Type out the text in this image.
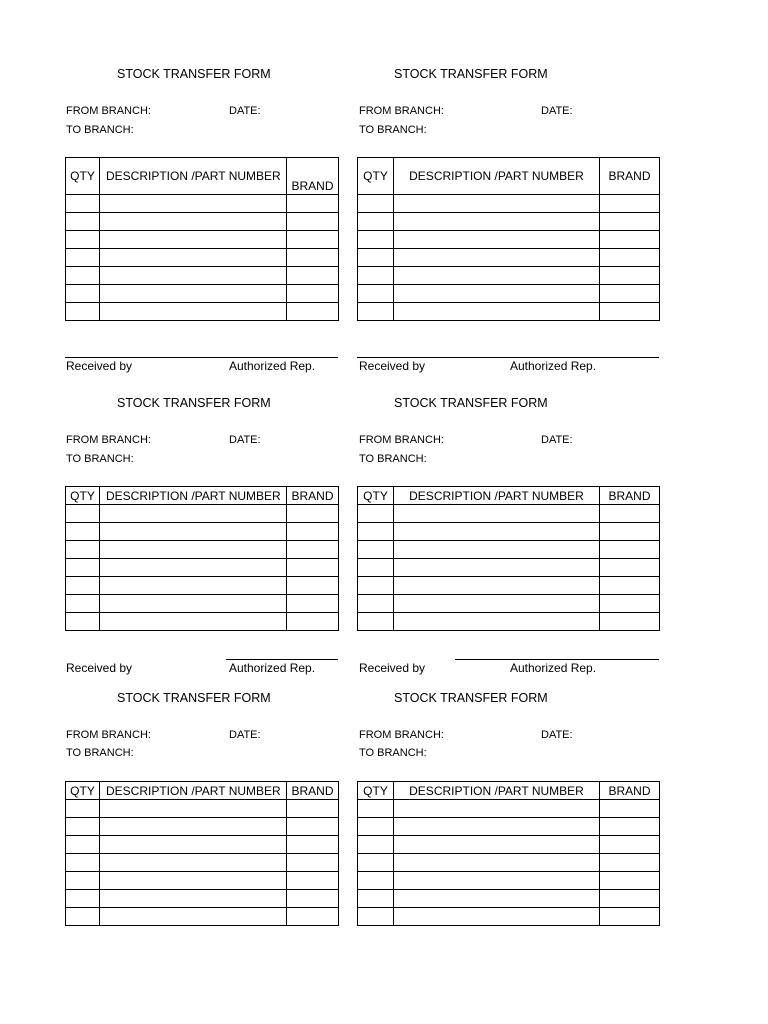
STOCK TRANSFER FORM
FROM BRANCH:	DATE:
TO BRANCH:
QTY	DESCRIPTION /PART NUMBER	BRAND

STOCK TRANSFER FORM
FROM BRANCH:	DATE:
TO BRANCH:
QTY	DESCRIPTION /PART NUMBER	BRAND

Received by	Authorized Rep.	Received by	Authorized Rep.
STOCK TRANSFER FORM
FROM BRANCH:	DATE:
TO BRANCH:
QTY	DESCRIPTION /PART NUMBER	BRAND

STOCK TRANSFER FORM
FROM BRANCH:	DATE:
TO BRANCH:
QTY	DESCRIPTION /PART NUMBER	BRAND

Received by	Authorized Rep.	Received by	Authorized Rep.
STOCK TRANSFER FORM
FROM BRANCH:	DATE:
TO BRANCH:
QTY	DESCRIPTION /PART NUMBER	BRAND

STOCK TRANSFER FORM
FROM BRANCH:	DATE:
TO BRANCH:
QTY	DESCRIPTION /PART NUMBER	BRAND
